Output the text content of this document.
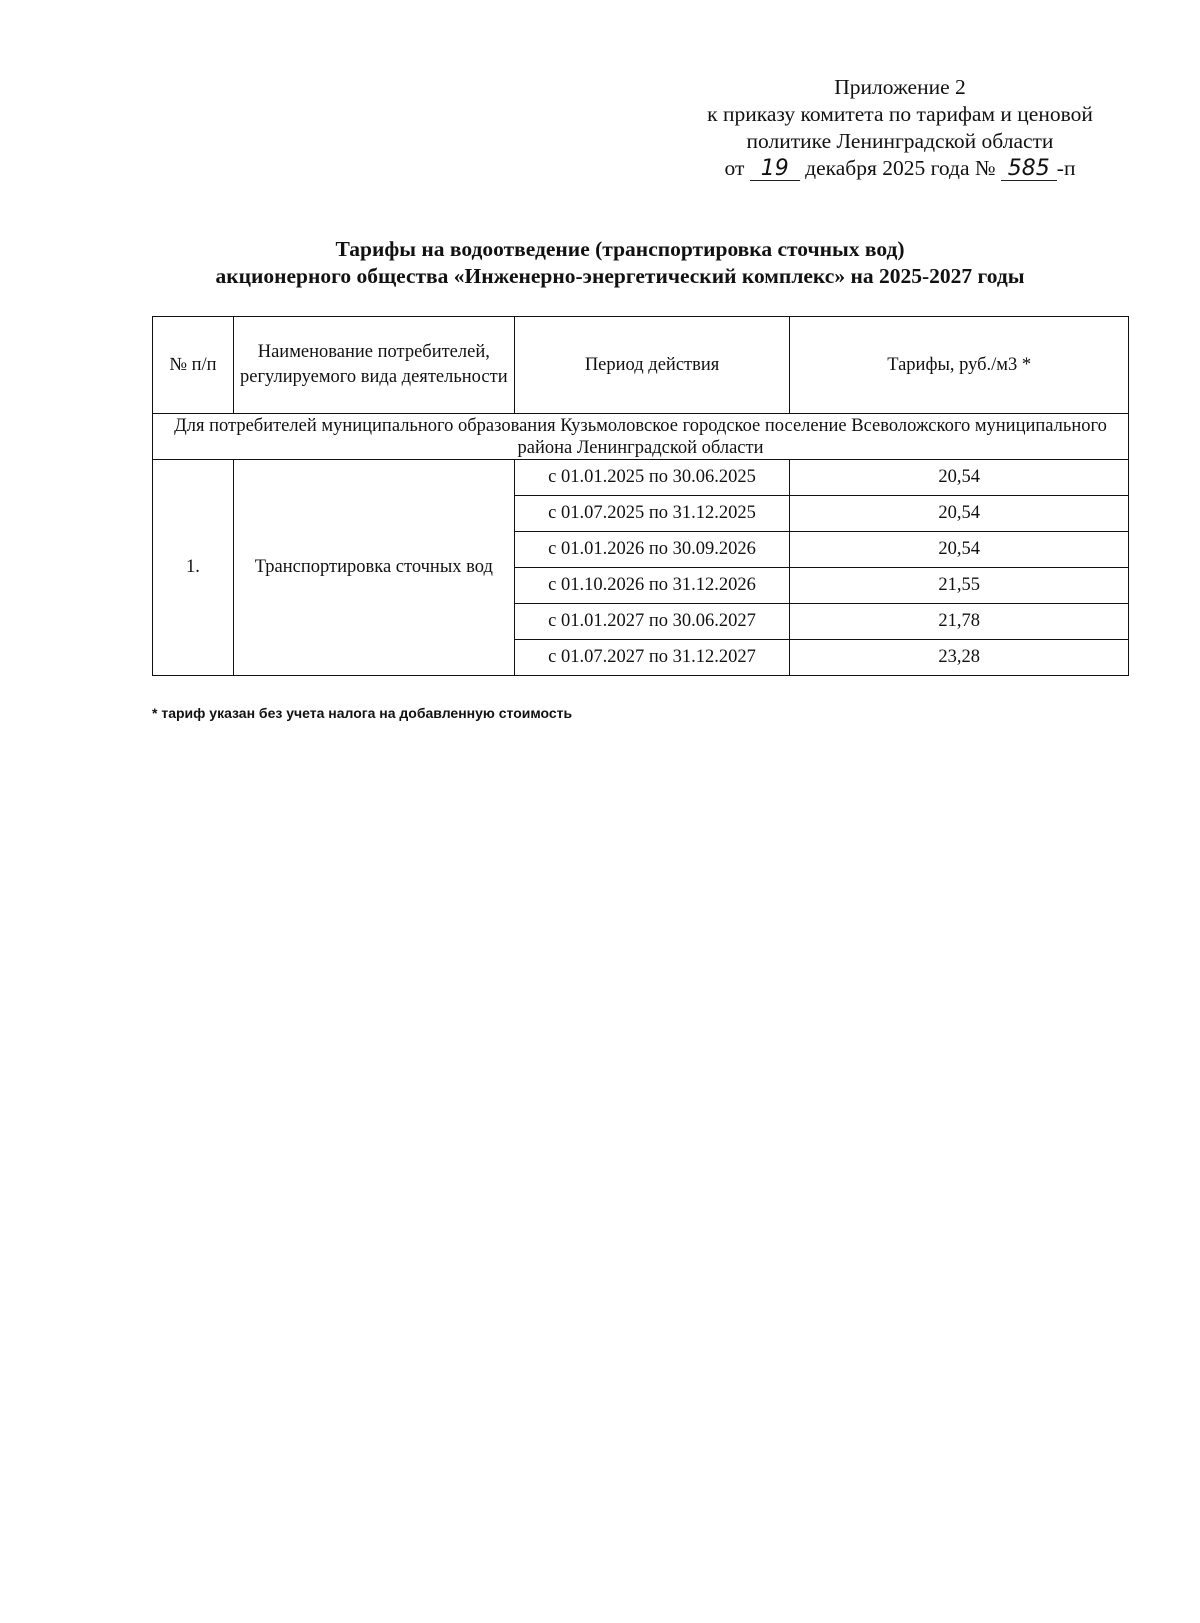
Приложение 2
к приказу комитета по тарифам и ценовой
политике Ленинградской области
от 19 декабря 2025 года № 585 -п
Тарифы на водоотведение (транспортировка сточных вод)
акционерного общества «Инженерно-энергетический комплекс» на 2025-2027 годы
№ п/п	Наименование потребителей, регулируемого вида деятельности	Период действия	Тарифы, руб./м3 *
Для потребителей муниципального образования Кузьмоловское городское поселение Всеволожского муниципального района Ленинградской области			
1.	Транспортировка сточных вод	с 01.01.2025 по 30.06.2025	20,54
		с 01.07.2025 по 31.12.2025	20,54
		с 01.01.2026 по 30.09.2026	20,54
		с 01.10.2026 по 31.12.2026	21,55
		с 01.01.2027 по 30.06.2027	21,78
		с 01.07.2027 по 31.12.2027	23,28
* тариф указан без учета налога на добавленную стоимость
